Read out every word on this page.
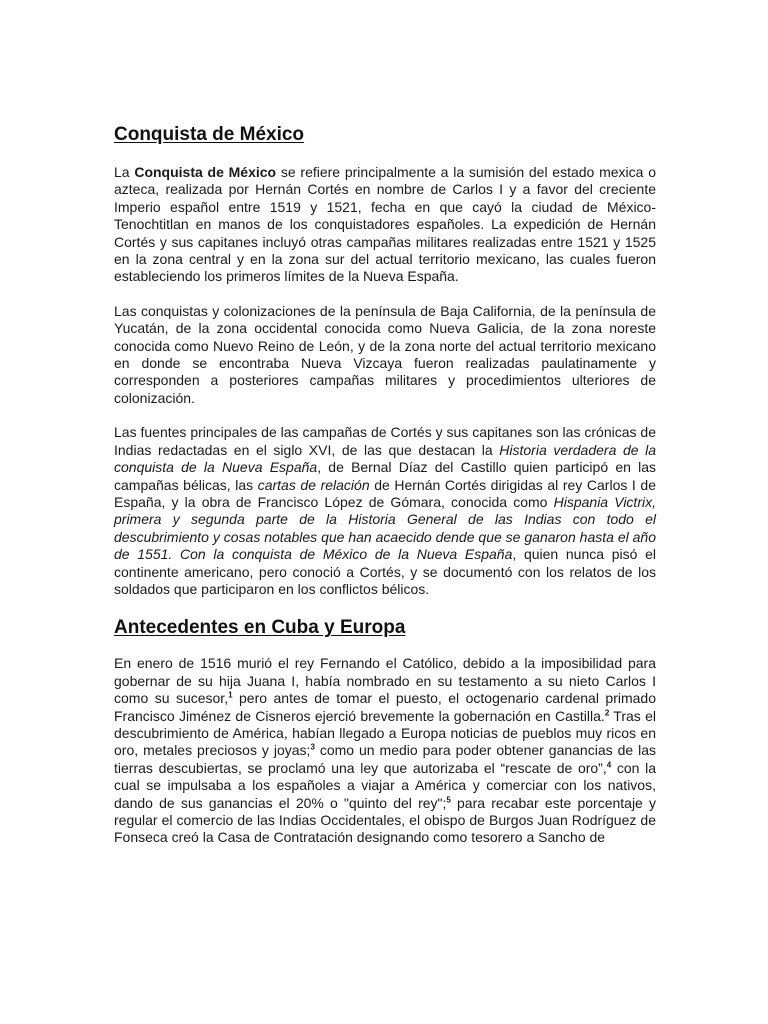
Conquista de México

La Conquista de México se refiere principalmente a la sumisión del estado mexica o azteca, realizada por Hernán Cortés en nombre de Carlos I y a favor del creciente Imperio español entre 1519 y 1521, fecha en que cayó la ciudad de México-Tenochtitlan en manos de los conquistadores españoles. La expedición de Hernán Cortés y sus capitanes incluyó otras campañas militares realizadas entre 1521 y 1525 en la zona central y en la zona sur del actual territorio mexicano, las cuales fueron estableciendo los primeros límites de la Nueva España.

Las conquistas y colonizaciones de la península de Baja California, de la península de Yucatán, de la zona occidental conocida como Nueva Galicia, de la zona noreste conocida como Nuevo Reino de León, y de la zona norte del actual territorio mexicano en donde se encontraba Nueva Vizcaya fueron realizadas paulatinamente y corresponden a posteriores campañas militares y procedimientos ulteriores de colonización.

Las fuentes principales de las campañas de Cortés y sus capitanes son las crónicas de Indias redactadas en el siglo XVI, de las que destacan la Historia verdadera de la conquista de la Nueva España, de Bernal Díaz del Castillo quien participó en las campañas bélicas, las cartas de relación de Hernán Cortés dirigidas al rey Carlos I de España, y la obra de Francisco López de Gómara, conocida como Hispania Victrix, primera y segunda parte de la Historia General de las Indias con todo el descubrimiento y cosas notables que han acaecido dende que se ganaron hasta el año de 1551. Con la conquista de México de la Nueva España, quien nunca pisó el continente americano, pero conoció a Cortés, y se documentó con los relatos de los soldados que participaron en los conflictos bélicos.

Antecedentes en Cuba y Europa

En enero de 1516 murió el rey Fernando el Católico, debido a la imposibilidad para gobernar de su hija Juana I, había nombrado en su testamento a su nieto Carlos I como su sucesor,$^1$ pero antes de tomar el puesto, el octogenario cardenal primado Francisco Jiménez de Cisneros ejerció brevemente la gobernación en Castilla.$^2$ Tras el descubrimiento de América, habían llegado a Europa noticias de pueblos muy ricos en oro, metales preciosos y joyas;$^3$ como un medio para poder obtener ganancias de las tierras descubiertas, se proclamó una ley que autorizaba el “rescate de oro”,$^4$ con la cual se impulsaba a los españoles a viajar a América y comerciar con los nativos, dando de sus ganancias el 20% o "quinto del rey";$^5$ para recabar este porcentaje y regular el comercio de las Indias Occidentales, el obispo de Burgos Juan Rodríguez de Fonseca creó la Casa de Contratación designando como tesorero a Sancho de
